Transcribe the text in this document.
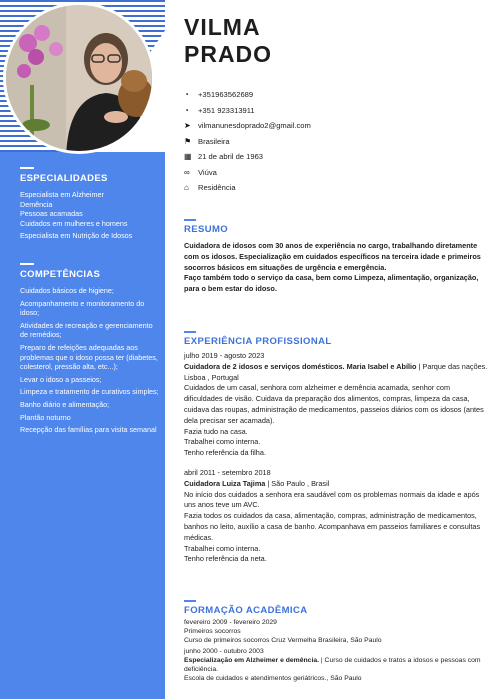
ESPECIALIDADES
Especialista em Alzheimer
Demência
Pessoas acamadas
Cuidados em mulheres e homens
Especialista em Nutrição de Idosos
COMPETÊNCIAS
Cuidados básicos de higiene;
Acompanhamento e monitoramento do idoso;
Atividades de recreação e gerenciamento de remédios;
Preparo de refeições adequadas aos problemas que o idoso possa ter (diabetes, colesterol, pressão alta, etc...);
Levar o idoso a passeios;
Limpeza e tratamento de curativos simples;
Banho diário e alimentação;
Plantão noturno
Recepção das famílias para visita semanal
VILMA
PRADO
◔	+351963562689
◔	+351 923313911
➤ vilmanunesdoprado2@gmail.com
⚑ Brasileira
▦ 21 de abril de 1963
∞	Viúva
⌂	Residência
RESUMO
Cuidadora de idosos com 30 anos de experiência no cargo, trabalhando diretamente com os idosos. Especialização em cuidados específicos na terceira idade e primeiros socorros básicos em situações de urgência e emergência.
Faço também todo o serviço da casa, bem como Limpeza, alimentação, organização, para o bem estar do idoso.
EXPERIÊNCIA PROFISSIONAL
julho 2019 - agosto 2023
Cuidadora de 2 idosos e serviços domésticos. Maria Isabel e Abílio | Parque das nações. Lisboa , Portugal
Cuidados de um casal, senhora com alzheimer e demência acamada, senhor com dificuldades de visão. Cuidava da preparação dos alimentos, compras, limpeza da casa, cuidava das roupas, administração de medicamentos, passeios diários com os idosos (antes dela precisar ser acamada).
Fazia tudo na casa.
Trabalhei como interna.
Tenho referência da filha.
abril 2011 - setembro 2018
Cuidadora Luiza Tajima | São Paulo , Brasil
No início dos cuidados a senhora era saudável com os problemas normais da idade e após uns anos teve um AVC.
Fazia todos os cuidados da casa, alimentação, compras, administração de medicamentos, banhos no leito, auxílio a casa de banho. Acompanhava em passeios familiares e consultas médicas.
Trabalhei como interna.
Tenho referência da neta.
FORMAÇÃO ACADÊMICA
fevereiro 2009 - fevereiro 2029
Primeiros socorros
Curso de primeiros socorros Cruz Vermelha Brasileira, São Paulo
junho 2000 - outubro 2003
Especialização em Alzheimer e demência. | Curso de cuidados e tratos a idosos e pessoas com deficiência.
Escola de cuidados e atendimentos geriátricos., São Paulo
